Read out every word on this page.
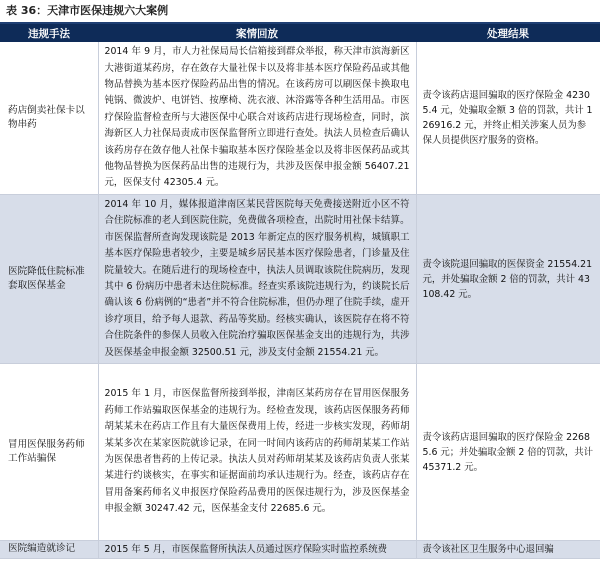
表 36：天津市医保违规六大案例
违规手法	案情回放	处理结果
药店倒卖社保卡以物串药	2014 年 9 月，市人力社保局局长信箱接到群众举报，称天津市滨海新区大港街道某药房，存在敛存大量社保卡以及将非基本医疗保险药品或其他物品替换为基本医疗保险药品出售的情况。在该药房可以刷医保卡换取电钝锅、微波炉、电饼铛、按摩椅、洗衣液、沐浴露等各种生活用品。市医疗保险监督检查所与大港医保中心联合对该药店进行现场检查，同时，滨海新区人力社保局责成市医保监督所立即进行查处。执法人员检查后确认该药房存在敛存他人社保卡骗取基本医疗保险基金以及将非医保药品或其他物品替换为医保药品出售的违规行为，共涉及医保申报金额 56407.21 元，医保支付 42305.4 元。	责令该药店退回骗取的医疗保险金 42305.4 元，处骗取金额 3 倍的罚款，共计 126916.2 元，并终止相关涉案人员为参保人员提供医疗服务的资格。
医院降低住院标准套取医保基金	2014 年 10 月，媒体报道津南区某民营医院每天免费接送附近小区不符合住院标准的老人到医院住院，免费做各项检查，出院时用社保卡结算。市医保监督所查询发现该院是 2013 年新定点的医疗服务机构，城镇职工基本医疗保险患者较少，主要是城乡居民基本医疗保险患者，门诊量及住院量较大。在随后进行的现场检查中，执法人员调取该院住院病历，发现其中 6 份病历中患者未达住院标准。经查实系该院违规行为，约谈院长后确认该 6 份病例的“患者”并不符合住院标准，但仍办理了住院手续，虚开诊疗项目，给予每人退款、药品等奖励。经核实确认，该医院存在将不符合住院条件的参保人员收入住院治疗骗取医保基金支出的违规行为，共涉及医保基金申报金额 32500.51 元，涉及支付金额 21554.21 元。	责令该院退回骗取的医保资金 21554.21 元，并处骗取金额 2 倍的罚款，共计 43108.42 元。
冒用医保服务药师工作站骗保	2015 年 1 月，市医保监督所接到举报，津南区某药房存在冒用医保服务药师工作站骗取医保基金的违规行为。经检查发现，该药店医保服务药师胡某某未在药店工作且有大量医保费用上传，经进一步核实发现，药师胡某某多次在某家医院就诊记录，在同一时间内该药店的药师胡某某工作站为医保患者售药的上传记录。执法人员对药师胡某某及该药店负责人张某某进行约谈核实，在事实和证据面前均承认违规行为。经查，该药店存在冒用备案药师名义申报医疗保险药品费用的医保违规行为，涉及医保基金申报金额 30247.42 元，医保基金支付 22685.6 元。	责令该药店退回骗取的医疗保险金 22685.6 元；并处骗取金额 2 倍的罚款，共计 45371.2 元。
医院编造就诊记	2015 年 5 月，市医保监督所执法人员通过医疗保险实时监控系统费	责令该社区卫生服务中心退回骗
